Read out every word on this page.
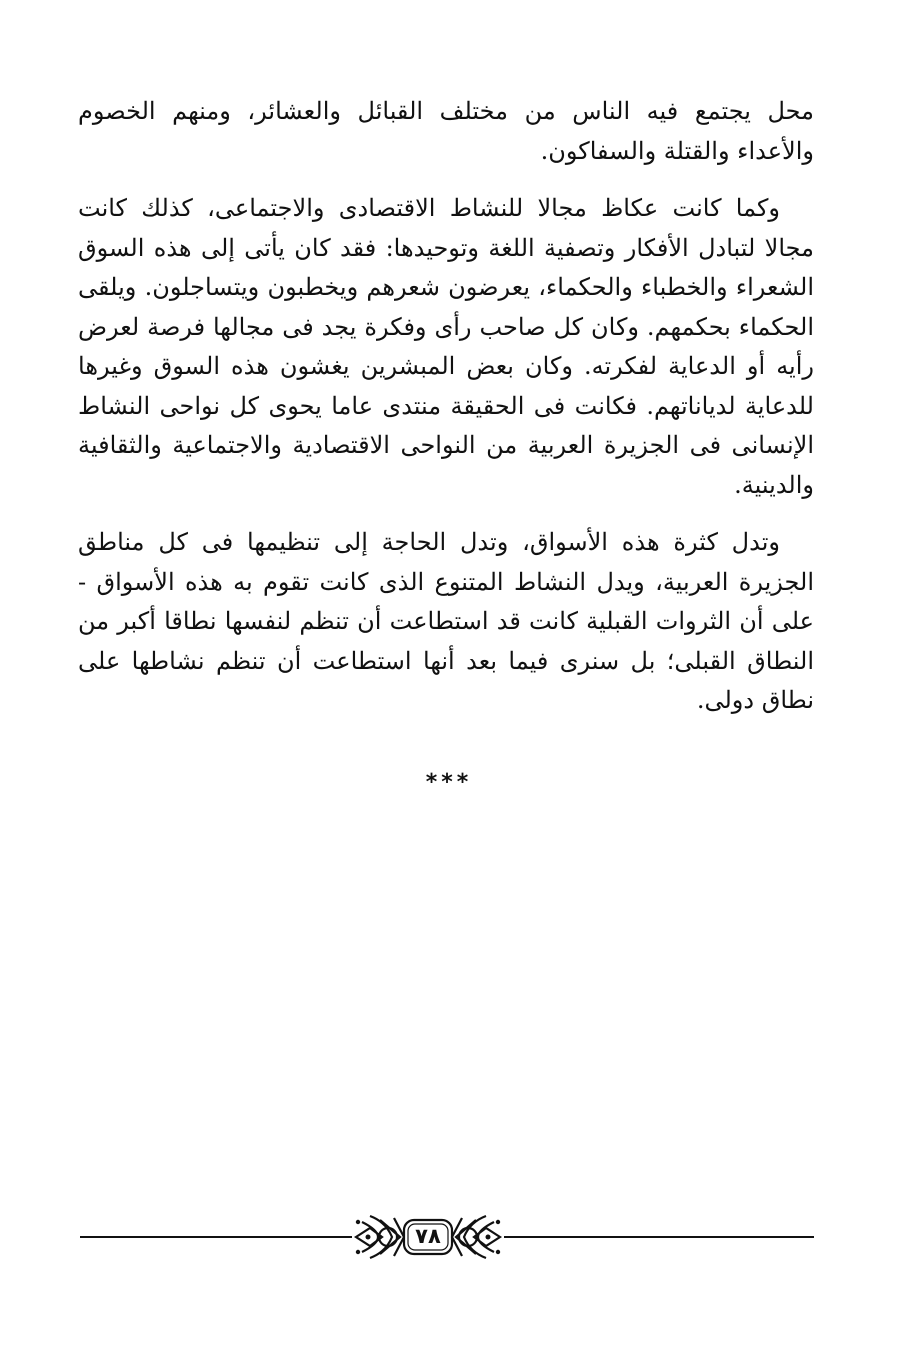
محل يجتمع فيه الناس من مختلف القبائل والعشائر، ومنهم الخصوم والأعداء والقتلة والسفاكون.

وكما كانت عكاظ مجالا للنشاط الاقتصادى والاجتماعى، كذلك كانت مجالا لتبادل الأفكار وتصفية اللغة وتوحيدها: فقد كان يأتى إلى هذه السوق الشعراء والخطباء والحكماء، يعرضون شعرهم ويخطبون ويتساجلون. ويلقى الحكماء بحكمهم. وكان كل صاحب رأى وفكرة يجد فى مجالها فرصة لعرض رأيه أو الدعاية لفكرته. وكان بعض المبشرين يغشون هذه السوق وغيرها للدعاية لدياناتهم. فكانت فى الحقيقة منتدى عاما يحوى كل نواحى النشاط الإنسانى فى الجزيرة العربية من النواحى الاقتصادية والاجتماعية والثقافية والدينية.

وتدل كثرة هذه الأسواق، وتدل الحاجة إلى تنظيمها فى كل مناطق الجزيرة العربية، ويدل النشاط المتنوع الذى كانت تقوم به هذه الأسواق - على أن الثروات القبلية كانت قد استطاعت أن تنظم لنفسها نطاقا أكبر من النطاق القبلى؛ بل سنرى فيما بعد أنها استطاعت أن تنظم نشاطها على نطاق دولى.

***
٧٨
